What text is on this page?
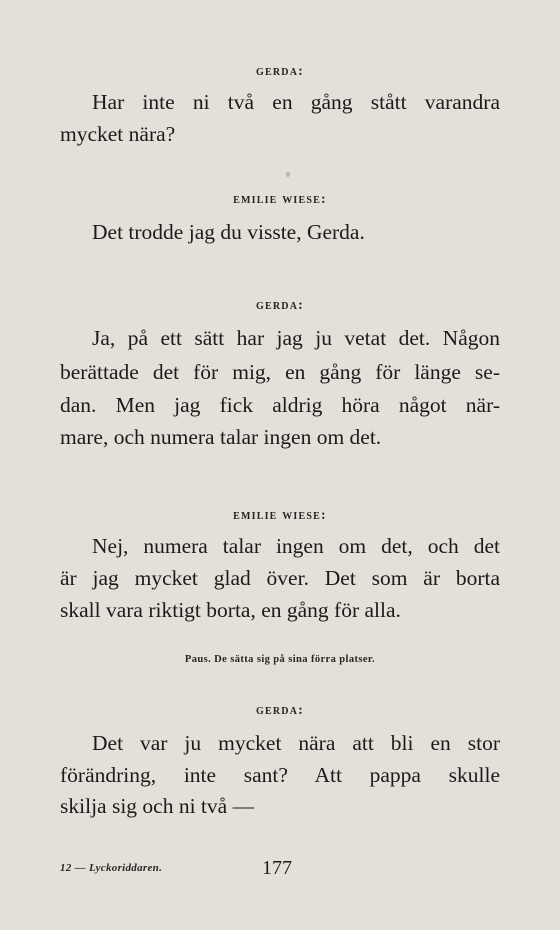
gerda:
Har inte ni två en gång stått varandra
mycket nära?
emilie wiese:
Det trodde jag du visste, Gerda.
gerda:
Ja, på ett sätt har jag ju vetat det. Någon
berättade det för mig, en gång för länge se-
dan. Men jag fick aldrig höra något när-
mare, och numera talar ingen om det.
emilie wiese:
Nej, numera talar ingen om det, och det
är jag mycket glad över. Det som är borta
skall vara riktigt borta, en gång för alla.
Paus. De sätta sig på sina förra platser.
gerda:
Det var ju mycket nära att bli en stor
förändring, inte sant? Att pappa skulle
skilja sig och ni två —
12 — Lyckoriddaren.	177
